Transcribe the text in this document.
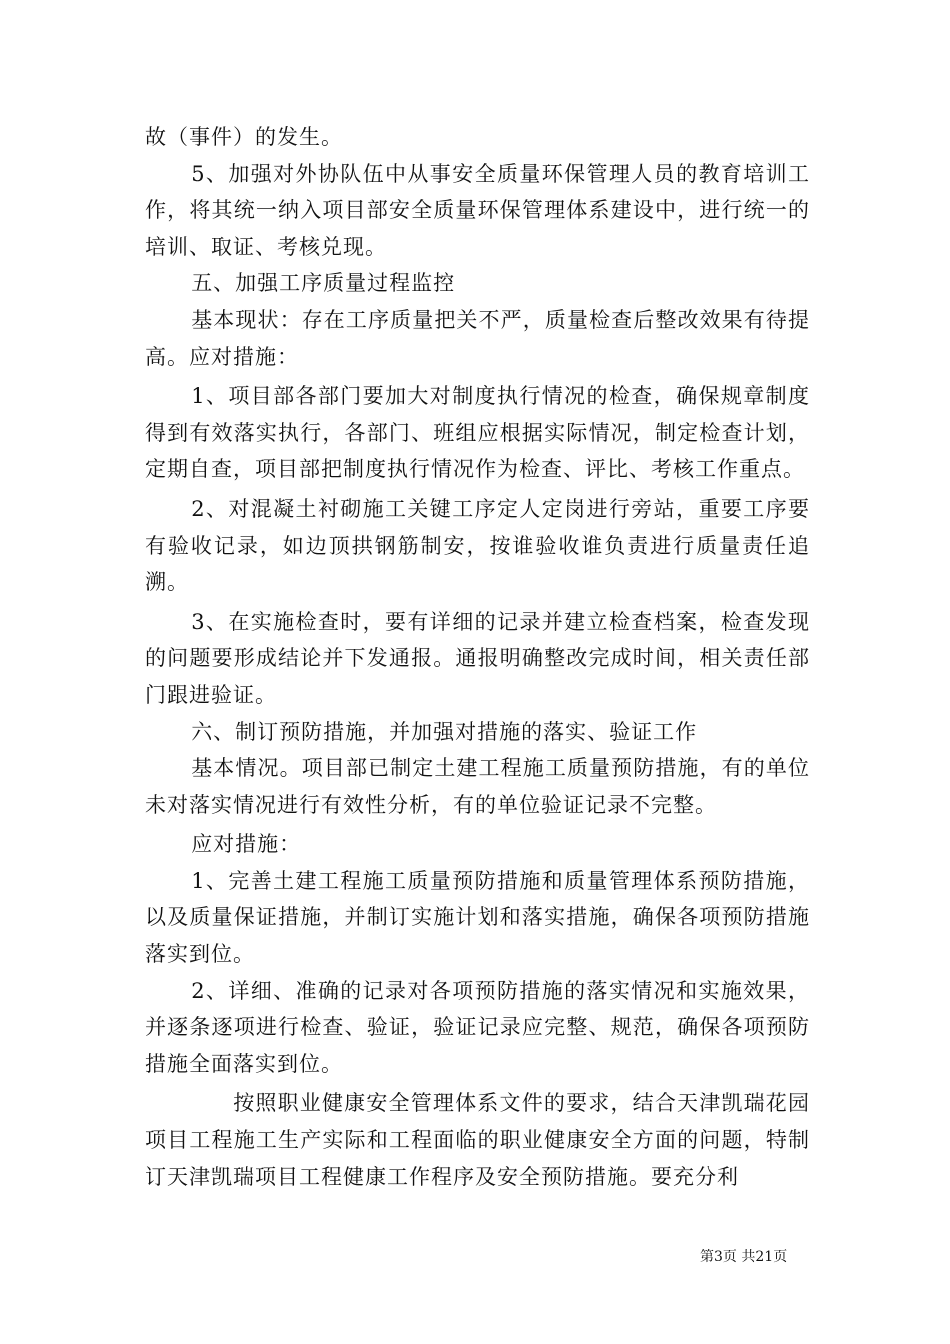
故（事件）的发生。

5、加强对外协队伍中从事安全质量环保管理人员的教育培训工作，将其统一纳入项目部安全质量环保管理体系建设中，进行统一的培训、取证、考核兑现。

五、加强工序质量过程监控

基本现状：存在工序质量把关不严，质量检查后整改效果有待提高。应对措施：

1、项目部各部门要加大对制度执行情况的检查，确保规章制度得到有效落实执行，各部门、班组应根据实际情况，制定检查计划，定期自查，项目部把制度执行情况作为检查、评比、考核工作重点。

2、对混凝土衬砌施工关键工序定人定岗进行旁站，重要工序要有验收记录，如边顶拱钢筋制安，按谁验收谁负责进行质量责任追溯。

3、在实施检查时，要有详细的记录并建立检查档案，检查发现的问题要形成结论并下发通报。通报明确整改完成时间，相关责任部门跟进验证。

六、制订预防措施，并加强对措施的落实、验证工作

基本情况。项目部已制定土建工程施工质量预防措施，有的单位未对落实情况进行有效性分析，有的单位验证记录不完整。

应对措施：

1、完善土建工程施工质量预防措施和质量管理体系预防措施，以及质量保证措施，并制订实施计划和落实措施，确保各项预防措施落实到位。

2、详细、准确的记录对各项预防措施的落实情况和实施效果，并逐条逐项进行检查、验证，验证记录应完整、规范，确保各项预防措施全面落实到位。

按照职业健康安全管理体系文件的要求，结合天津凯瑞花园项目工程施工生产实际和工程面临的职业健康安全方面的问题，特制订天津凯瑞项目工程健康工作程序及安全预防措施。要充分利

第3页 共21页
